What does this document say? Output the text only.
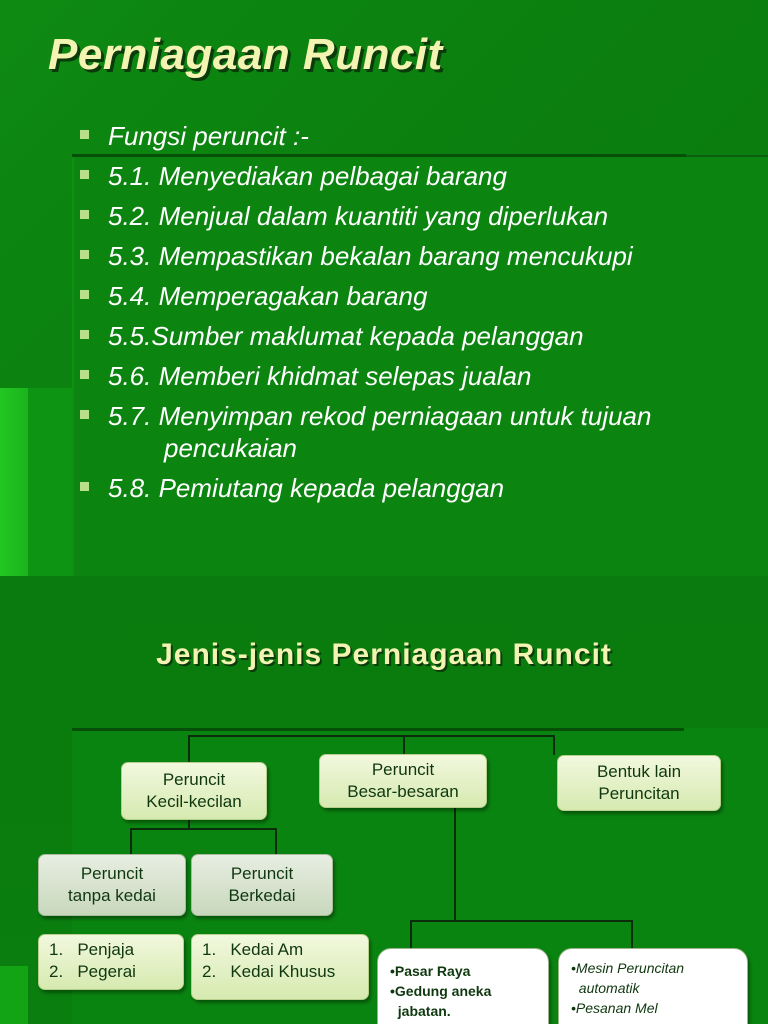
Perniagaan Runcit
Fungsi peruncit :-
5.1. Menyediakan pelbagai barang
5.2. Menjual dalam kuantiti yang diperlukan
5.3. Mempastikan bekalan barang mencukupi
5.4. Memperagakan barang
5.5.Sumber maklumat kepada pelanggan
5.6. Memberi khidmat selepas jualan
5.7. Menyimpan rekod perniagaan untuk tujuan
pencukaian
5.8. Pemiutang kepada pelanggan
Jenis-jenis Perniagaan Runcit
Peruncit
Kecil-kecilan
Peruncit
Besar-besaran
Bentuk lain
Peruncitan
Peruncit
tanpa kedai
Peruncit
Berkedai
1.   Penjaja
2.   Pegerai
1.   Kedai Am
2.   Kedai Khusus	•Pasar Raya
•Gedung aneka
jabatan.
•Mesin Peruncitan
automatik
•Pesanan Mel
